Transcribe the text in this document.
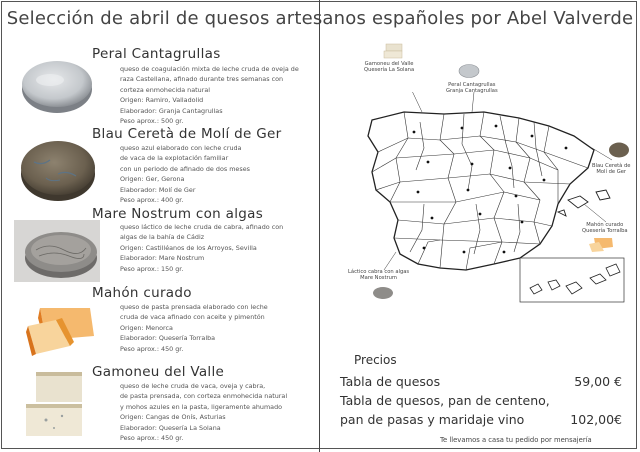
Selección de abril de quesos artesanos españoles por Abel Valverde
Peral Cantagrullas
queso de coagulación mixta de leche cruda de oveja de
raza Castellana, afinado durante tres semanas con
corteza enmohecida natural
Origen: Ramiro, Valladolid
Elaborador: Granja Cantagrullas
Peso aprox.: 500 gr.
Blau Ceretà de Molí de Ger
queso azul elaborado con leche cruda
de vaca de la explotación familiar
con un periodo de afinado de dos meses
Origen: Ger, Gerona
Elaborador: Molí de Ger
Peso aprox.: 400 gr.
Mare Nostrum con algas
queso láctico de leche cruda de cabra, afinado con
algas de la bahía de Cádiz
Origen: Castilléanos de los Arroyos, Sevilla
Elaborador: Mare Nostrum
Peso aprox.: 150 gr.
Mahón curado
queso de pasta prensada elaborado con leche
cruda de vaca afinado con aceite y pimentón
Origen: Menorca
Elaborador: Quesería Torralba
Peso aprox.: 450 gr.
Gamoneu del Valle
queso de leche cruda de vaca, oveja y cabra,
de pasta prensada, con corteza enmohecida natural
y mohos azules en la pasta, ligeramente ahumado
Origen: Cangas de Onís, Asturias
Elaborador: Quesería La Solana
Peso aprox.: 450 gr.
Gamoneu del Valle
Quesería La Solana
Peral Cantagrullas
Granja Cantagrullas
Blau Ceretà de
Molí de Ger
Mahón curado
Quesería Torralba
Láctico cabra con algas
Mare Nostrum
Precios
Tabla de quesos	59,00 €
Tabla de quesos, pan de centeno,
pan de pasas y maridaje vino	102,00€
Te llevamos a casa tu pedido por mensajería
